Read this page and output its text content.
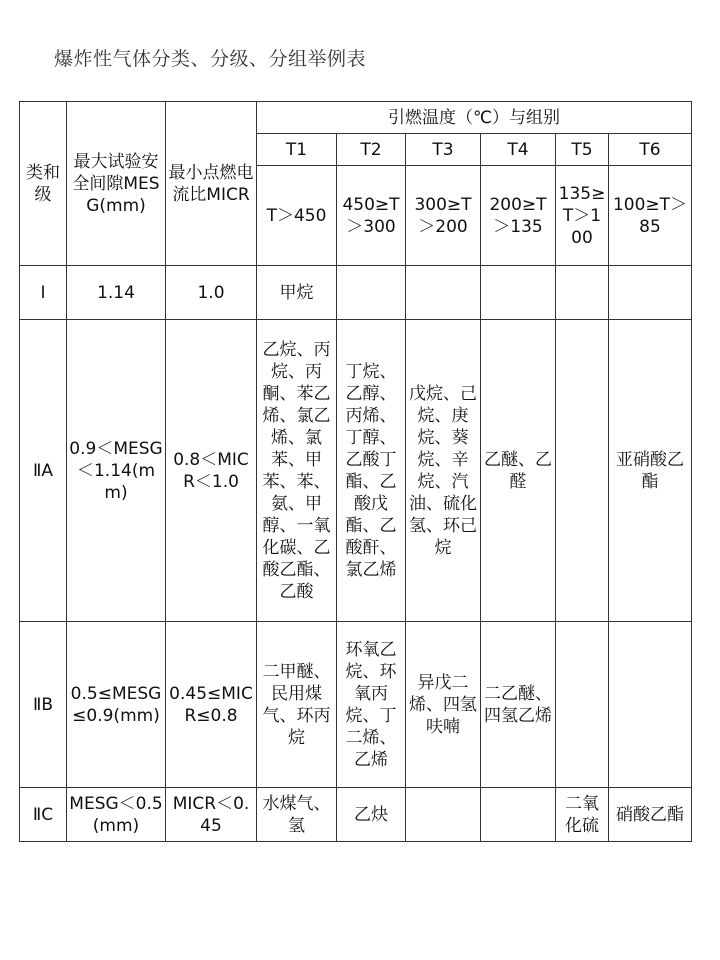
爆炸性气体分类、分级、分组举例表
类和级	最大试验安全间隙MESG(mm)	最小点燃电流比MICR	引燃温度（℃）与组别					
			T1	T2	T3	T4	T5	T6
			T＞450	450≥T＞300	300≥T＞200	200≥T＞135	135≥T＞100	100≥T＞85
Ⅰ	1.14	1.0	甲烷					
ⅡA	0.9＜MESG＜1.14(mm)	0.8＜MICR＜1.0	乙烷、丙烷、丙酮、苯乙烯、氯乙烯、氯苯、甲苯、苯、氨、甲醇、一氧化碳、乙酸乙酯、乙酸	丁烷、乙醇、丙烯、丁醇、乙酸丁酯、乙酸戊酯、乙酸酐、氯乙烯	戊烷、己烷、庚烷、葵烷、辛烷、汽油、硫化氢、环己烷	乙醚、乙醛		亚硝酸乙酯
ⅡB	0.5≤MESG≤0.9(mm)	0.45≤MICR≤0.8	二甲醚、民用煤气、环丙烷	环氧乙烷、环氧丙烷、丁二烯、乙烯	异戊二烯、四氢呋喃	二乙醚、四氢乙烯		
ⅡC	MESG＜0.5(mm)	MICR＜0.45	水煤气、氢	乙炔			二氧化硫	硝酸乙酯
